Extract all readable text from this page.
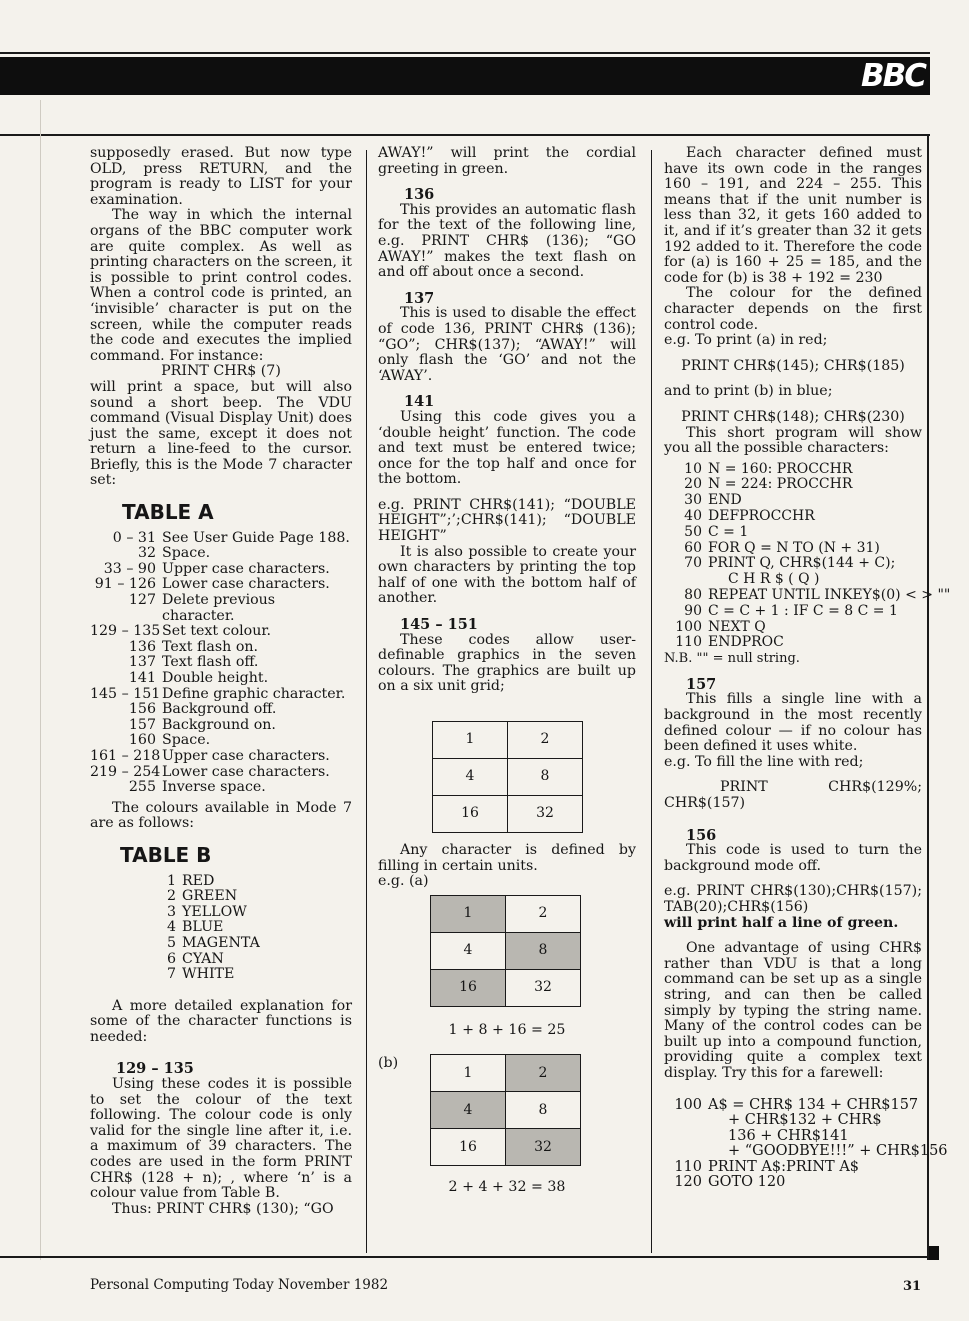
BBC

supposedly erased. But now type OLD, press RETURN, and the program is ready to LIST for your examination.

The way in which the internal organs of the BBC computer work are quite complex. As well as printing characters on the screen, it is possible to print control codes. When a control code is printed, an ‘invisible’ character is put on the screen, while the computer reads the code and executes the implied command. For instance:

PRINT CHR$ (7)

will print a space, but will also sound a short beep. The VDU command (Visual Display Unit) does just the same, except it does not return a line-feed to the cursor. Briefly, this is the Mode 7 character set:

TABLE A

0 – 31 See User Guide Page 188.
32 Space.
33 – 90 Upper case characters.
91 – 126 Lower case characters.
127 Delete previous character.
129 – 135 Set text colour.
136 Text flash on.
137 Text flash off.
141 Double height.
145 – 151 Define graphic character.
156 Background off.
157 Background on.
160 Space.
161 – 218 Upper case characters.
219 – 254 Lower case characters.
255 Inverse space.

The colours available in Mode 7 are as follows:

TABLE B

1 RED
2 GREEN
3 YELLOW
4 BLUE
5 MAGENTA
6 CYAN
7 WHITE

A more detailed explanation for some of the character functions is needed:

129 – 135

Using these codes it is possible to set the colour of the text following. The colour code is only valid for the single line after it, i.e. a maximum of 39 characters. The codes are used in the form PRINT CHR$ (128 + n); , where ‘n’ is a colour value from Table B.

Thus: PRINT CHR$ (130); “GO

AWAY!” will print the cordial greeting in green.

136

This provides an automatic flash for the text of the following line, e.g. PRINT CHR$ (136); “GO AWAY!” makes the text flash on and off about once a second.

137

This is used to disable the effect of code 136, PRINT CHR$ (136); “GO”; CHR$(137); “AWAY!” will only flash the ‘GO’ and not the ‘AWAY’.

141

Using this code gives you a ‘double height’ function. The code and text must be entered twice; once for the top half and once for the bottom.

e.g. PRINT CHR$(141); “DOUBLE HEIGHT”;’;CHR$(141); “DOUBLE HEIGHT”

It is also possible to create your own characters by printing the top half of one with the bottom half of another.

145 – 151

These codes allow user-definable graphics in the seven colours. The graphics are built up on a six unit grid;

1	2
4	8
16	32

Any character is defined by filling in certain units.

e.g. (a)

1	2
4	8
16	32

1 + 8 + 16 = 25

(b)

1	2
4	8
16	32

2 + 4 + 32 = 38

Each character defined must have its own code in the ranges 160 – 191, and 224 – 255. This means that if the unit number is less than 32, it gets 160 added to it, and if it’s greater than 32 it gets 192 added to it. Therefore the code for (a) is 160 + 25 = 185, and the code for (b) is 38 + 192 = 230

The colour for the defined character depends on the first control code.

e.g. To print (a) in red;

PRINT CHR$(145); CHR$(185)

and to print (b) in blue;

PRINT CHR$(148); CHR$(230)

This short program will show you all the possible characters:

10 N = 160: PROCCHR
20 N = 224: PROCCHR
30 END
40 DEFPROCCHR
50 C = 1
60 FOR Q = N TO (N + 31)
70 PRINT Q, CHR$(144 + C);
C H R $ ( Q )
80 REPEAT UNTIL INKEY$(0) < > ""
90 C = C + 1 : IF C = 8 C = 1
100 NEXT Q
110 ENDPROC

N.B. "" = null string.

157

This fills a single line with a background in the most recently defined colour — if no colour has been defined it uses white.

e.g. To fill the line with red;

PRINT CHR$(129%; CHR$(157)

156

This code is used to turn the background mode off.

e.g. PRINT CHR$(130);CHR$(157); TAB(20);CHR$(156)

will print half a line of green.

One advantage of using CHR$ rather than VDU is that a long command can be set up as a single string, and can then be called simply by typing the string name. Many of the control codes can be built up into a compound function, providing quite a complex text display. Try this for a farewell:

100 A$ = CHR$ 134 + CHR$157
+ CHR$132 + CHR$
136 + CHR$141
+ “GOODBYE!!!” + CHR$156
110 PRINT A$:PRINT A$
120 GOTO 120
Personal Computing Today November 1982	31
